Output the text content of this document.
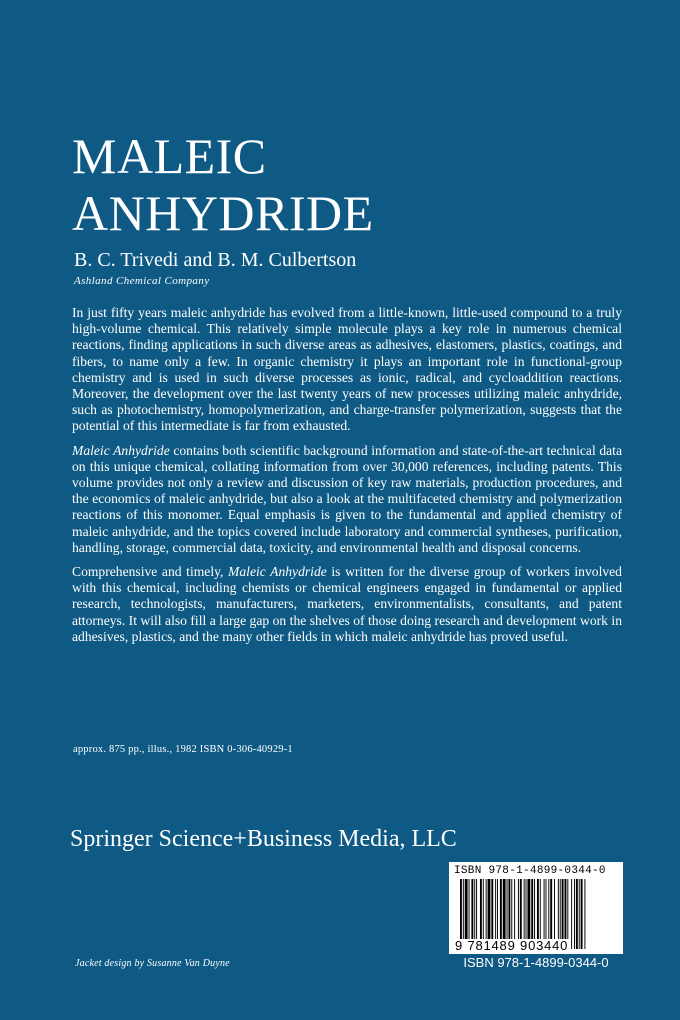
MALEIC
ANHYDRIDE
B. C. Trivedi and B. M. Culbertson
Ashland Chemical Company

In just fifty years maleic anhydride has evolved from a little-known, little-used compound to a truly high-volume chemical. This relatively simple molecule plays a key role in numerous chemical reactions, finding applications in such diverse areas as adhesives, elastomers, plastics, coatings, and fibers, to name only a few. In organic chemistry it plays an important role in functional-group chemistry and is used in such diverse processes as ionic, radical, and cycloaddition reactions. Moreover, the development over the last twenty years of new processes utilizing maleic anhydride, such as photochemistry, homopolymerization, and charge-transfer polymerization, suggests that the potential of this intermediate is far from exhausted.

Maleic Anhydride contains both scientific background information and state-of-the-art technical data on this unique chemical, collating information from over 30,000 references, including patents. This volume provides not only a review and discussion of key raw materials, production procedures, and the economics of maleic anhydride, but also a look at the multifaceted chemistry and polymerization reactions of this monomer. Equal emphasis is given to the fundamental and applied chemistry of maleic anhydride, and the topics covered include laboratory and commercial syntheses, purification, handling, storage, commercial data, toxicity, and environmental health and disposal concerns.

Comprehensive and timely, Maleic Anhydride is written for the diverse group of workers involved with this chemical, including chemists or chemical engineers engaged in fundamental or applied research, technologists, manufacturers, marketers, environmentalists, consultants, and patent attorneys. It will also fill a large gap on the shelves of those doing research and development work in adhesives, plastics, and the many other fields in which maleic anhydride has proved useful.

approx. 875 pp., illus., 1982 ISBN 0-306-40929-1
Springer Science+Business Media, LLC
ISBN 978-1-4899-0344-0
9 781489 903440
ISBN 978-1-4899-0344-0
Jacket design by Susanne Van Duyne
